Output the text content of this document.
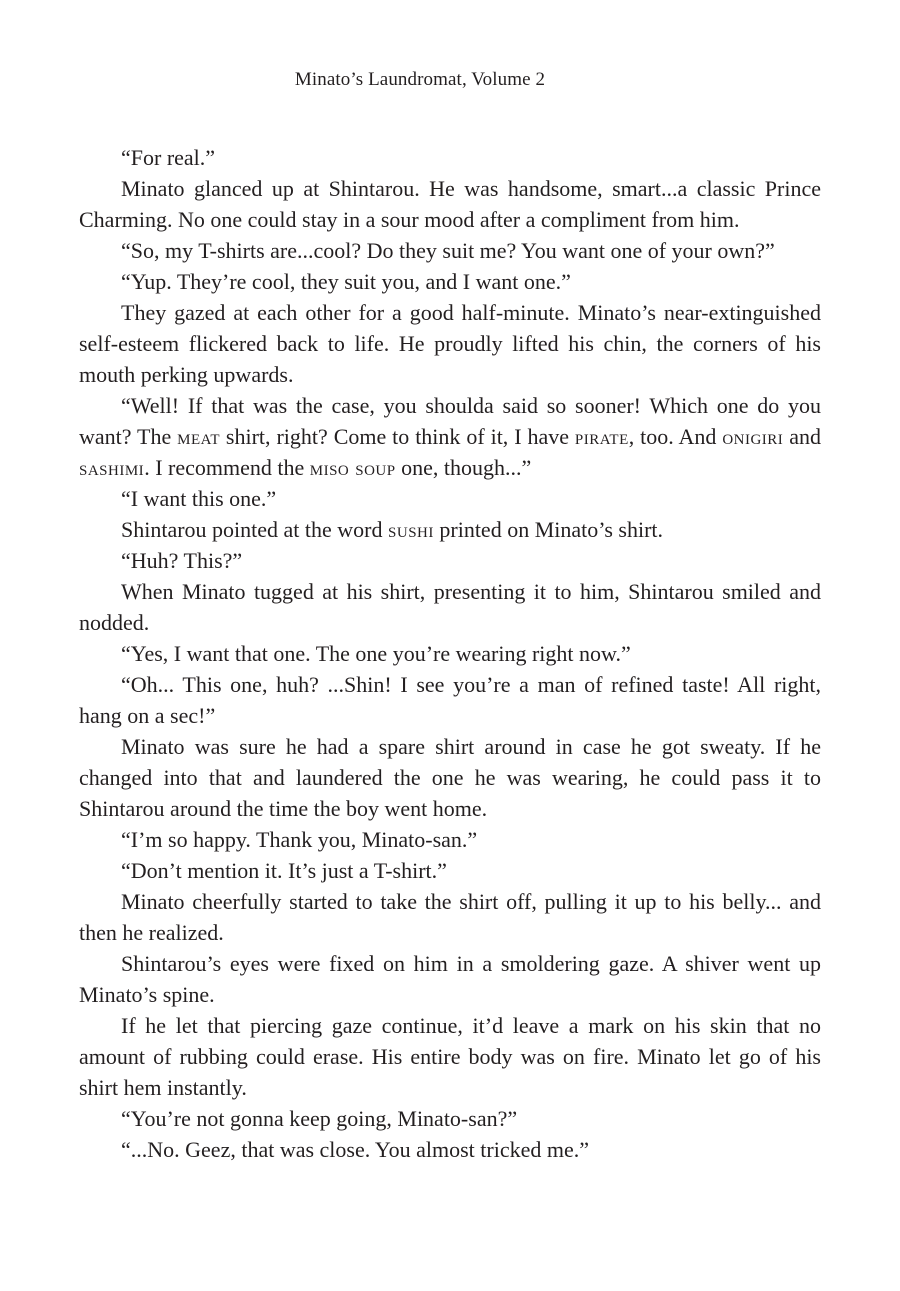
Minato’s Laundromat, Volume 2

“For real.”

Minato glanced up at Shintarou. He was handsome, smart...a classic Prince Charming. No one could stay in a sour mood after a compliment from him.

“So, my T-shirts are...cool? Do they suit me? You want one of your own?”

“Yup. They’re cool, they suit you, and I want one.”

They gazed at each other for a good half-minute. Minato’s near-extinguished self-esteem flickered back to life. He proudly lifted his chin, the corners of his mouth perking upwards.

“Well! If that was the case, you shoulda said so sooner! Which one do you want? The meat shirt, right? Come to think of it, I have pirate, too. And onigiri and sashimi. I recommend the miso soup one, though...”

“I want this one.”

Shintarou pointed at the word sushi printed on Minato’s shirt.

“Huh? This?”

When Minato tugged at his shirt, presenting it to him, Shintarou smiled and nodded.

“Yes, I want that one. The one you’re wearing right now.”

“Oh... This one, huh? ...Shin! I see you’re a man of refined taste! All right, hang on a sec!”

Minato was sure he had a spare shirt around in case he got sweaty. If he changed into that and laundered the one he was wearing, he could pass it to Shintarou around the time the boy went home.

“I’m so happy. Thank you, Minato-san.”

“Don’t mention it. It’s just a T-shirt.”

Minato cheerfully started to take the shirt off, pulling it up to his belly... and then he realized.

Shintarou’s eyes were fixed on him in a smoldering gaze. A shiver went up Minato’s spine.

If he let that piercing gaze continue, it’d leave a mark on his skin that no amount of rubbing could erase. His entire body was on fire. Minato let go of his shirt hem instantly.

“You’re not gonna keep going, Minato-san?”

“...No. Geez, that was close. You almost tricked me.”
